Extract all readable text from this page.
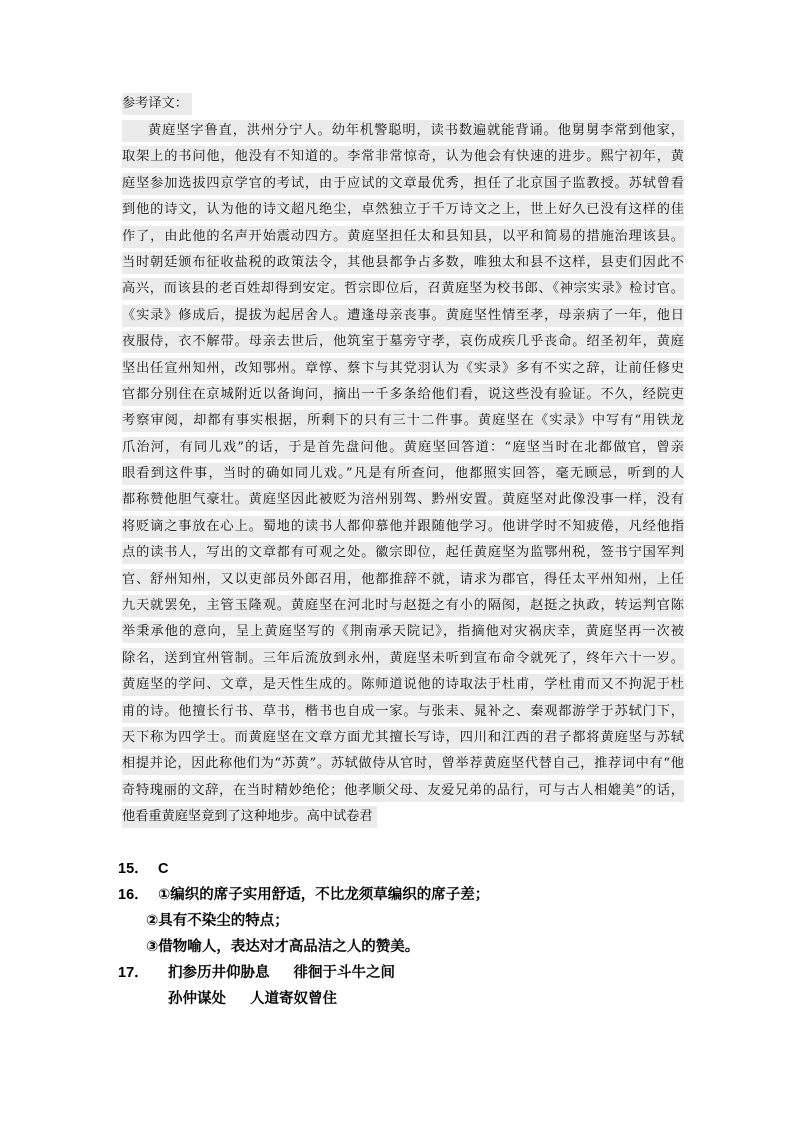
参考译文：
黄庭坚字鲁直，洪州分宁人。幼年机警聪明，读书数遍就能背诵。他舅舅李常到他家，
取架上的书问他，他没有不知道的。李常非常惊奇，认为他会有快速的进步。熙宁初年，黄
庭坚参加选拔四京学官的考试，由于应试的文章最优秀，担任了北京国子监教授。苏轼曾看
到他的诗文，认为他的诗文超凡绝尘，卓然独立于千万诗文之上，世上好久已没有这样的佳
作了，由此他的名声开始震动四方。黄庭坚担任太和县知县，以平和简易的措施治理该县。
当时朝廷颁布征收盐税的政策法令，其他县都争占多数，唯独太和县不这样，县吏们因此不
高兴，而该县的老百姓却得到安定。哲宗即位后，召黄庭坚为校书郎、《神宗实录》检讨官。
《实录》修成后，提拔为起居舍人。遭逢母亲丧事。黄庭坚性情至孝，母亲病了一年，他日
夜服侍，衣不解带。母亲去世后，他筑室于墓旁守孝，哀伤成疾几乎丧命。绍圣初年，黄庭
坚出任宣州知州，改知鄂州。章惇、蔡卞与其党羽认为《实录》多有不实之辞，让前任修史
官都分别住在京城附近以备询问，摘出一千多条给他们看，说这些没有验证。不久，经院吏
考察审阅，却都有事实根据，所剩下的只有三十二件事。黄庭坚在《实录》中写有“用铁龙
爪治河，有同儿戏”的话，于是首先盘问他。黄庭坚回答道：“庭坚当时在北都做官，曾亲
眼看到这件事，当时的确如同儿戏。”凡是有所查问，他都照实回答，毫无顾忌，听到的人
都称赞他胆气豪壮。黄庭坚因此被贬为涪州别驾、黔州安置。黄庭坚对此像没事一样，没有
将贬谪之事放在心上。蜀地的读书人都仰慕他并跟随他学习。他讲学时不知疲倦，凡经他指
点的读书人，写出的文章都有可观之处。徽宗即位，起任黄庭坚为监鄂州税，签书宁国军判
官、舒州知州，又以吏部员外郎召用，他都推辞不就，请求为郡官，得任太平州知州，上任
九天就罢免，主管玉隆观。黄庭坚在河北时与赵挺之有小的隔阂，赵挺之执政，转运判官陈
举秉承他的意向，呈上黄庭坚写的《荆南承天院记》，指摘他对灾祸庆幸，黄庭坚再一次被
除名，送到宜州管制。三年后流放到永州，黄庭坚未听到宣布命令就死了，终年六十一岁。
黄庭坚的学问、文章，是天性生成的。陈师道说他的诗取法于杜甫，学杜甫而又不拘泥于杜
甫的诗。他擅长行书、草书，楷书也自成一家。与张耒、晁补之、秦观都游学于苏轼门下，
天下称为四学士。而黄庭坚在文章方面尤其擅长写诗，四川和江西的君子都将黄庭坚与苏轼
相提并论，因此称他们为“苏黄”。苏轼做侍从官时，曾举荐黄庭坚代替自己，推荐词中有“他
奇特瑰丽的文辞，在当时精妙绝伦；他孝顺父母、友爱兄弟的品行，可与古人相媲美”的话，
他看重黄庭坚竟到了这种地步。高中试卷君
15． C
16． ①编织的席子实用舒适，不比龙须草编织的席子差；
②具有不染尘的特点；
③借物喻人，表达对才高品洁之人的赞美。
17． 扪参历井仰胁息 徘徊于斗牛之间
孙仲谋处 人道寄奴曾住
